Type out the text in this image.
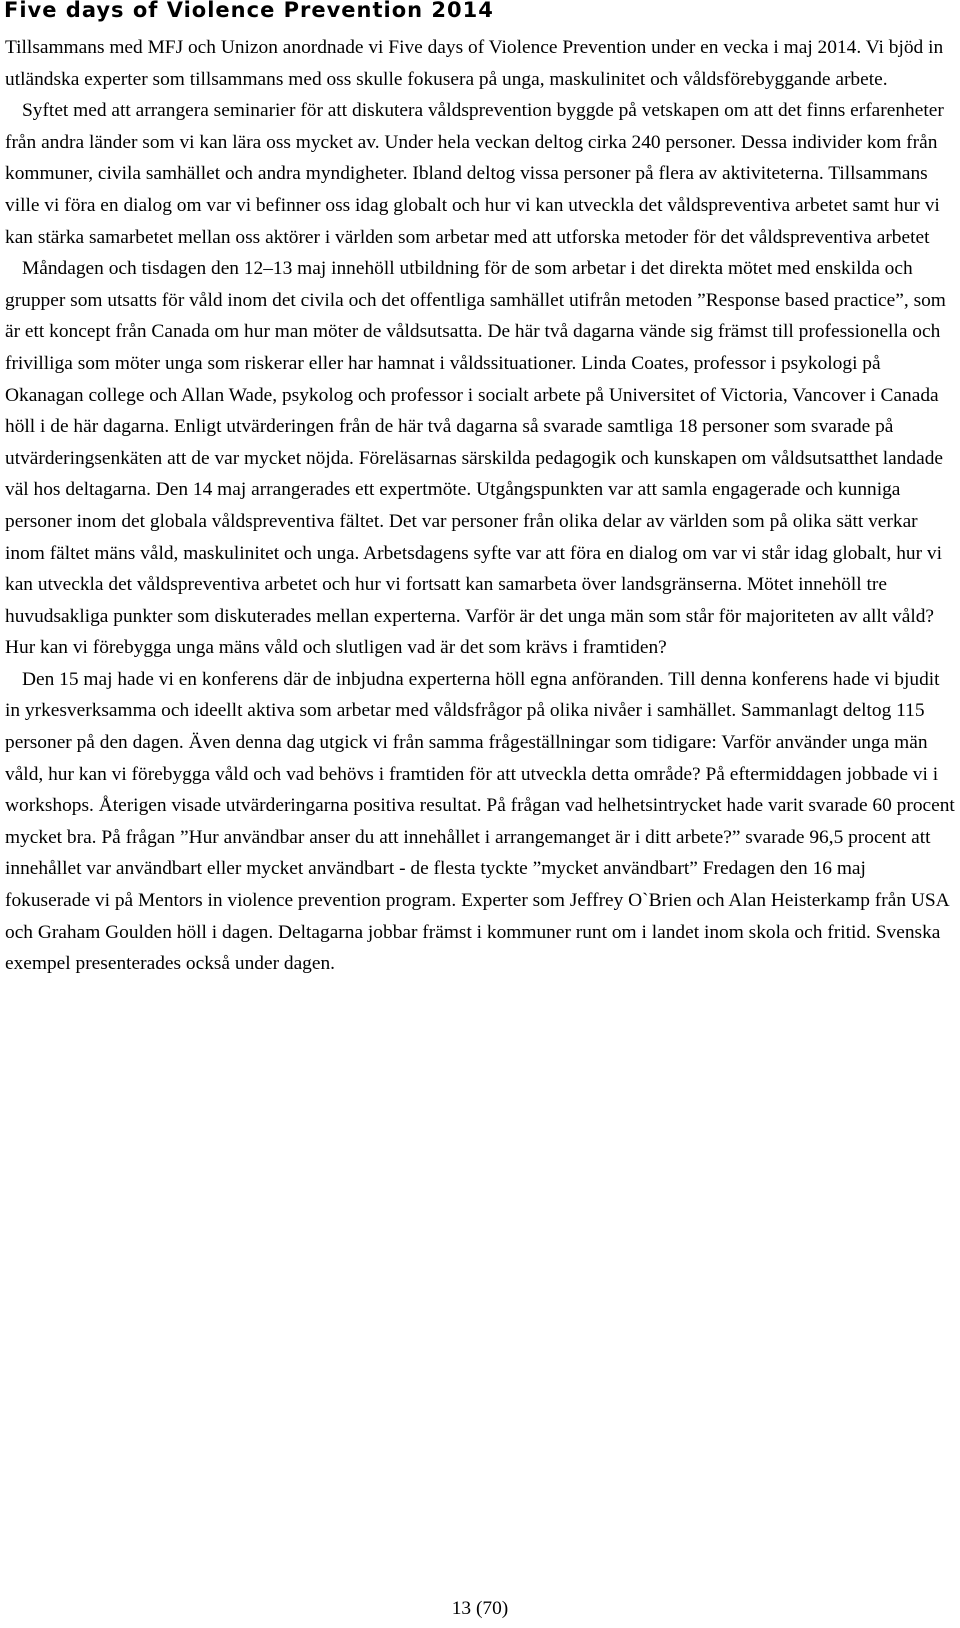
Five days of Violence Prevention 2014

Tillsammans med MFJ och Unizon anordnade vi Five days of Violence Prevention under en vecka i maj 2014. Vi bjöd in utländska experter som tillsammans med oss skulle fokusera på unga, maskulinitet och våldsförebyggande arbete.

Syftet med att arrangera seminarier för att diskutera våldsprevention byggde på vetskapen om att det finns erfarenheter från andra länder som vi kan lära oss mycket av. Under hela veckan deltog cirka 240 personer. Dessa individer kom från kommuner, civila samhället och andra myndigheter. Ibland deltog vissa personer på flera av aktiviteterna. Tillsammans ville vi föra en dialog om var vi befinner oss idag globalt och hur vi kan utveckla det våldspreventiva arbetet samt hur vi kan stärka samarbetet mellan oss aktörer i världen som arbetar med att utforska metoder för det våldspreventiva arbetet

Måndagen och tisdagen den 12–13 maj innehöll utbildning för de som arbetar i det direkta mötet med enskilda och grupper som utsatts för våld inom det civila och det offentliga samhället utifrån metoden ”Response based practice”, som är ett koncept från Canada om hur man möter de våldsutsatta. De här två dagarna vände sig främst till professionella och frivilliga som möter unga som riskerar eller har hamnat i våldssituationer. Linda Coates, professor i psykologi på Okanagan college och Allan Wade, psykolog och professor i socialt arbete på Universitet of Victoria, Vancover i Canada höll i de här dagarna. Enligt utvärderingen från de här två dagarna så svarade samtliga 18 personer som svarade på utvärderingsenkäten att de var mycket nöjda. Föreläsarnas särskilda pedagogik och kunskapen om våldsutsatthet landade väl hos deltagarna. Den 14 maj arrangerades ett expertmöte. Utgångspunkten var att samla engagerade och kunniga personer inom det globala våldspreventiva fältet. Det var personer från olika delar av världen som på olika sätt verkar inom fältet mäns våld, maskulinitet och unga. Arbetsdagens syfte var att föra en dialog om var vi står idag globalt, hur vi kan utveckla det våldspreventiva arbetet och hur vi fortsatt kan samarbeta över landsgränserna. Mötet innehöll tre huvudsakliga punkter som diskuterades mellan experterna. Varför är det unga män som står för majoriteten av allt våld? Hur kan vi förebygga unga mäns våld och slutligen vad är det som krävs i framtiden?

Den 15 maj hade vi en konferens där de inbjudna experterna höll egna anföranden. Till denna konferens hade vi bjudit in yrkesverksamma och ideellt aktiva som arbetar med våldsfrågor på olika nivåer i samhället. Sammanlagt deltog 115 personer på den dagen. Även denna dag utgick vi från samma frågeställningar som tidigare: Varför använder unga män våld, hur kan vi förebygga våld och vad behövs i framtiden för att utveckla detta område? På eftermiddagen jobbade vi i workshops. Återigen visade utvärderingarna positiva resultat. På frågan vad helhetsintrycket hade varit svarade 60 procent mycket bra. På frågan ”Hur användbar anser du att innehållet i arrangemanget är i ditt arbete?” svarade 96,5 procent att innehållet var användbart eller mycket användbart - de flesta tyckte ”mycket användbart” Fredagen den 16 maj fokuserade vi på Mentors in violence prevention program. Experter som Jeffrey O`Brien och Alan Heisterkamp från USA och Graham Goulden höll i dagen. Deltagarna jobbar främst i kommuner runt om i landet inom skola och fritid. Svenska exempel presenterades också under dagen.

13 (70)
